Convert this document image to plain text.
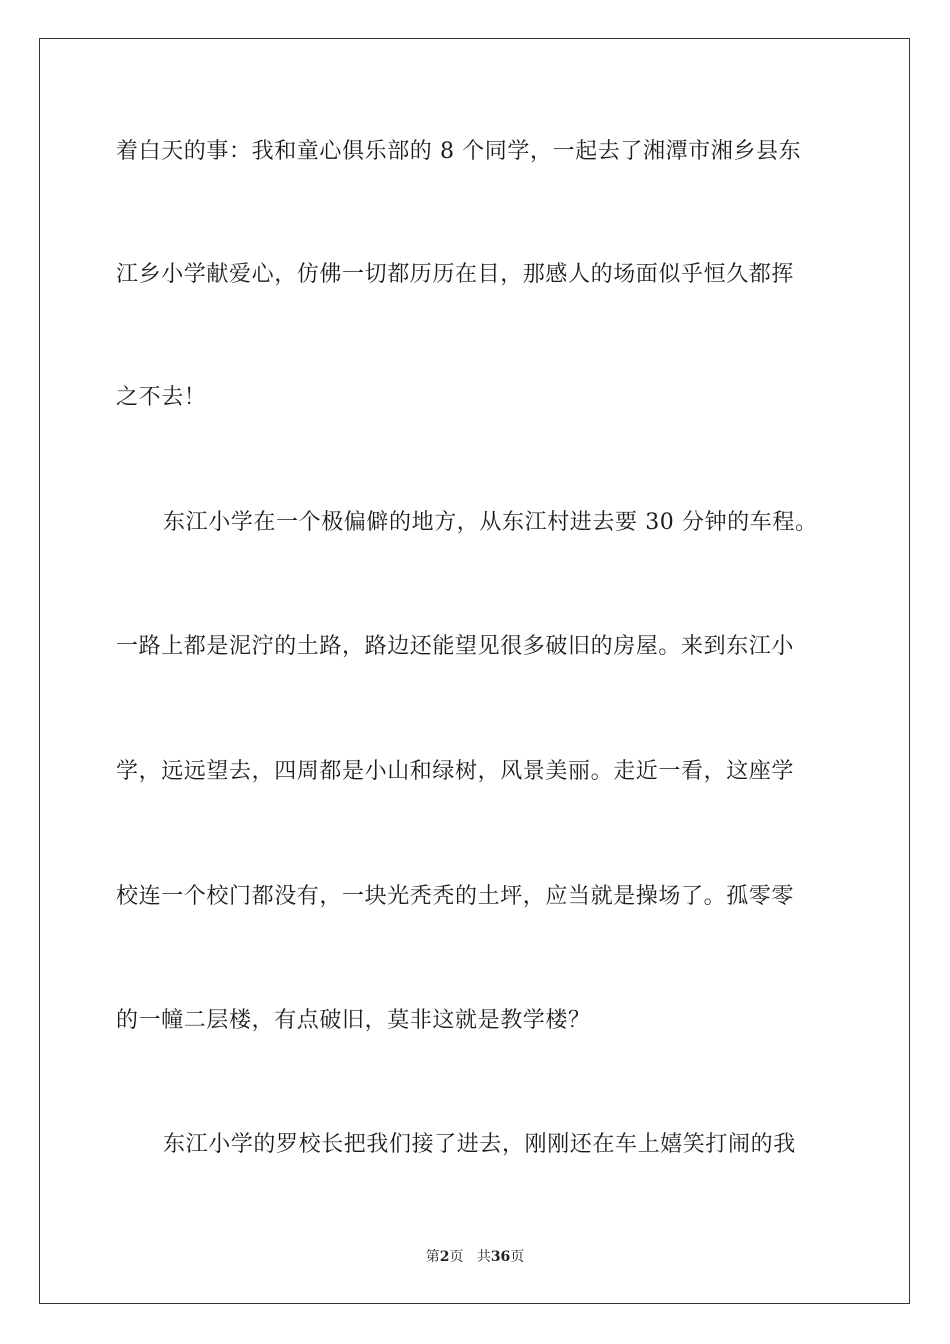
着白天的事：我和童心俱乐部的 8 个同学，一起去了湘潭市湘乡县东
江乡小学献爱心，仿佛一切都历历在目，那感人的场面似乎恒久都挥
之不去！
东江小学在一个极偏僻的地方，从东江村进去要 30 分钟的车程。
一路上都是泥泞的土路，路边还能望见很多破旧的房屋。来到东江小
学，远远望去，四周都是小山和绿树，风景美丽。走近一看，这座学
校连一个校门都没有，一块光秃秃的土坪，应当就是操场了。孤零零
的一幢二层楼，有点破旧，莫非这就是教学楼？
东江小学的罗校长把我们接了进去，刚刚还在车上嬉笑打闹的我
第2页 共36页
